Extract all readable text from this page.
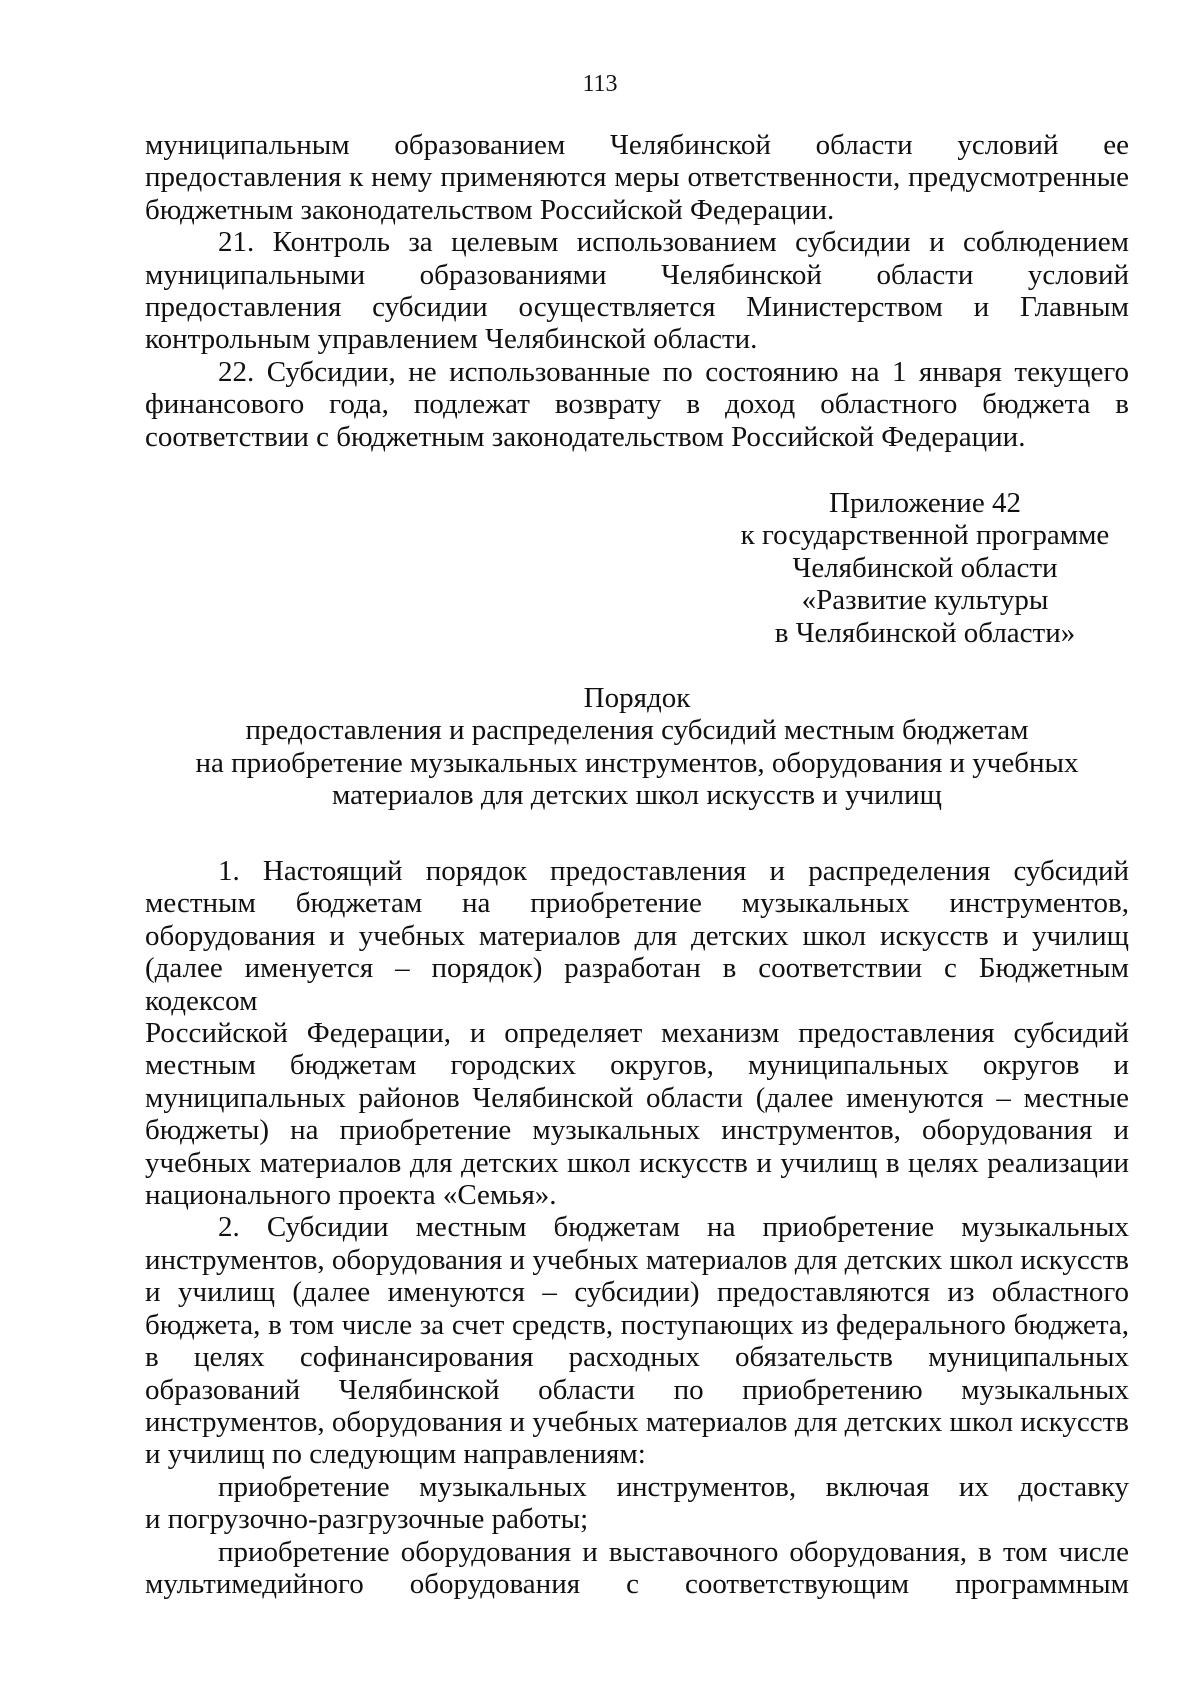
113
муниципальным образованием Челябинской области условий ее
предоставления к нему применяются меры ответственности, предусмотренные
бюджетным законодательством Российской Федерации.
21. Контроль за целевым использованием субсидии и соблюдением
муниципальными образованиями Челябинской области условий
предоставления субсидии осуществляется Министерством и Главным
контрольным управлением Челябинской области.
22. Субсидии, не использованные по состоянию на 1 января текущего
финансового года, подлежат возврату в доход областного бюджета в
соответствии с бюджетным законодательством Российской Федерации.
Приложение 42
к государственной программе
Челябинской области
«Развитие культуры
в Челябинской области»
Порядок
предоставления и распределения субсидий местным бюджетам
на приобретение музыкальных инструментов, оборудования и учебных
материалов для детских школ искусств и училищ
1. Настоящий порядок предоставления и распределения субсидий
местным бюджетам на приобретение музыкальных инструментов,
оборудования и учебных материалов для детских школ искусств и училищ
(далее именуется – порядок) разработан в соответствии с Бюджетным кодексом
Российской Федерации, и определяет механизм предоставления субсидий
местным бюджетам городских округов, муниципальных округов и
муниципальных районов Челябинской области (далее именуются – местные
бюджеты) на приобретение музыкальных инструментов, оборудования и
учебных материалов для детских школ искусств и училищ в целях реализации
национального проекта «Семья».
2. Субсидии местным бюджетам на приобретение музыкальных
инструментов, оборудования и учебных материалов для детских школ искусств
и училищ (далее именуются – субсидии) предоставляются из областного
бюджета, в том числе за счет средств, поступающих из федерального бюджета,
в целях софинансирования расходных обязательств муниципальных
образований Челябинской области по приобретению музыкальных
инструментов, оборудования и учебных материалов для детских школ искусств
и училищ по следующим направлениям:
приобретение музыкальных инструментов, включая их доставку
и погрузочно-разгрузочные работы;
приобретение оборудования и выставочного оборудования, в том числе
мультимедийного оборудования с соответствующим программным
